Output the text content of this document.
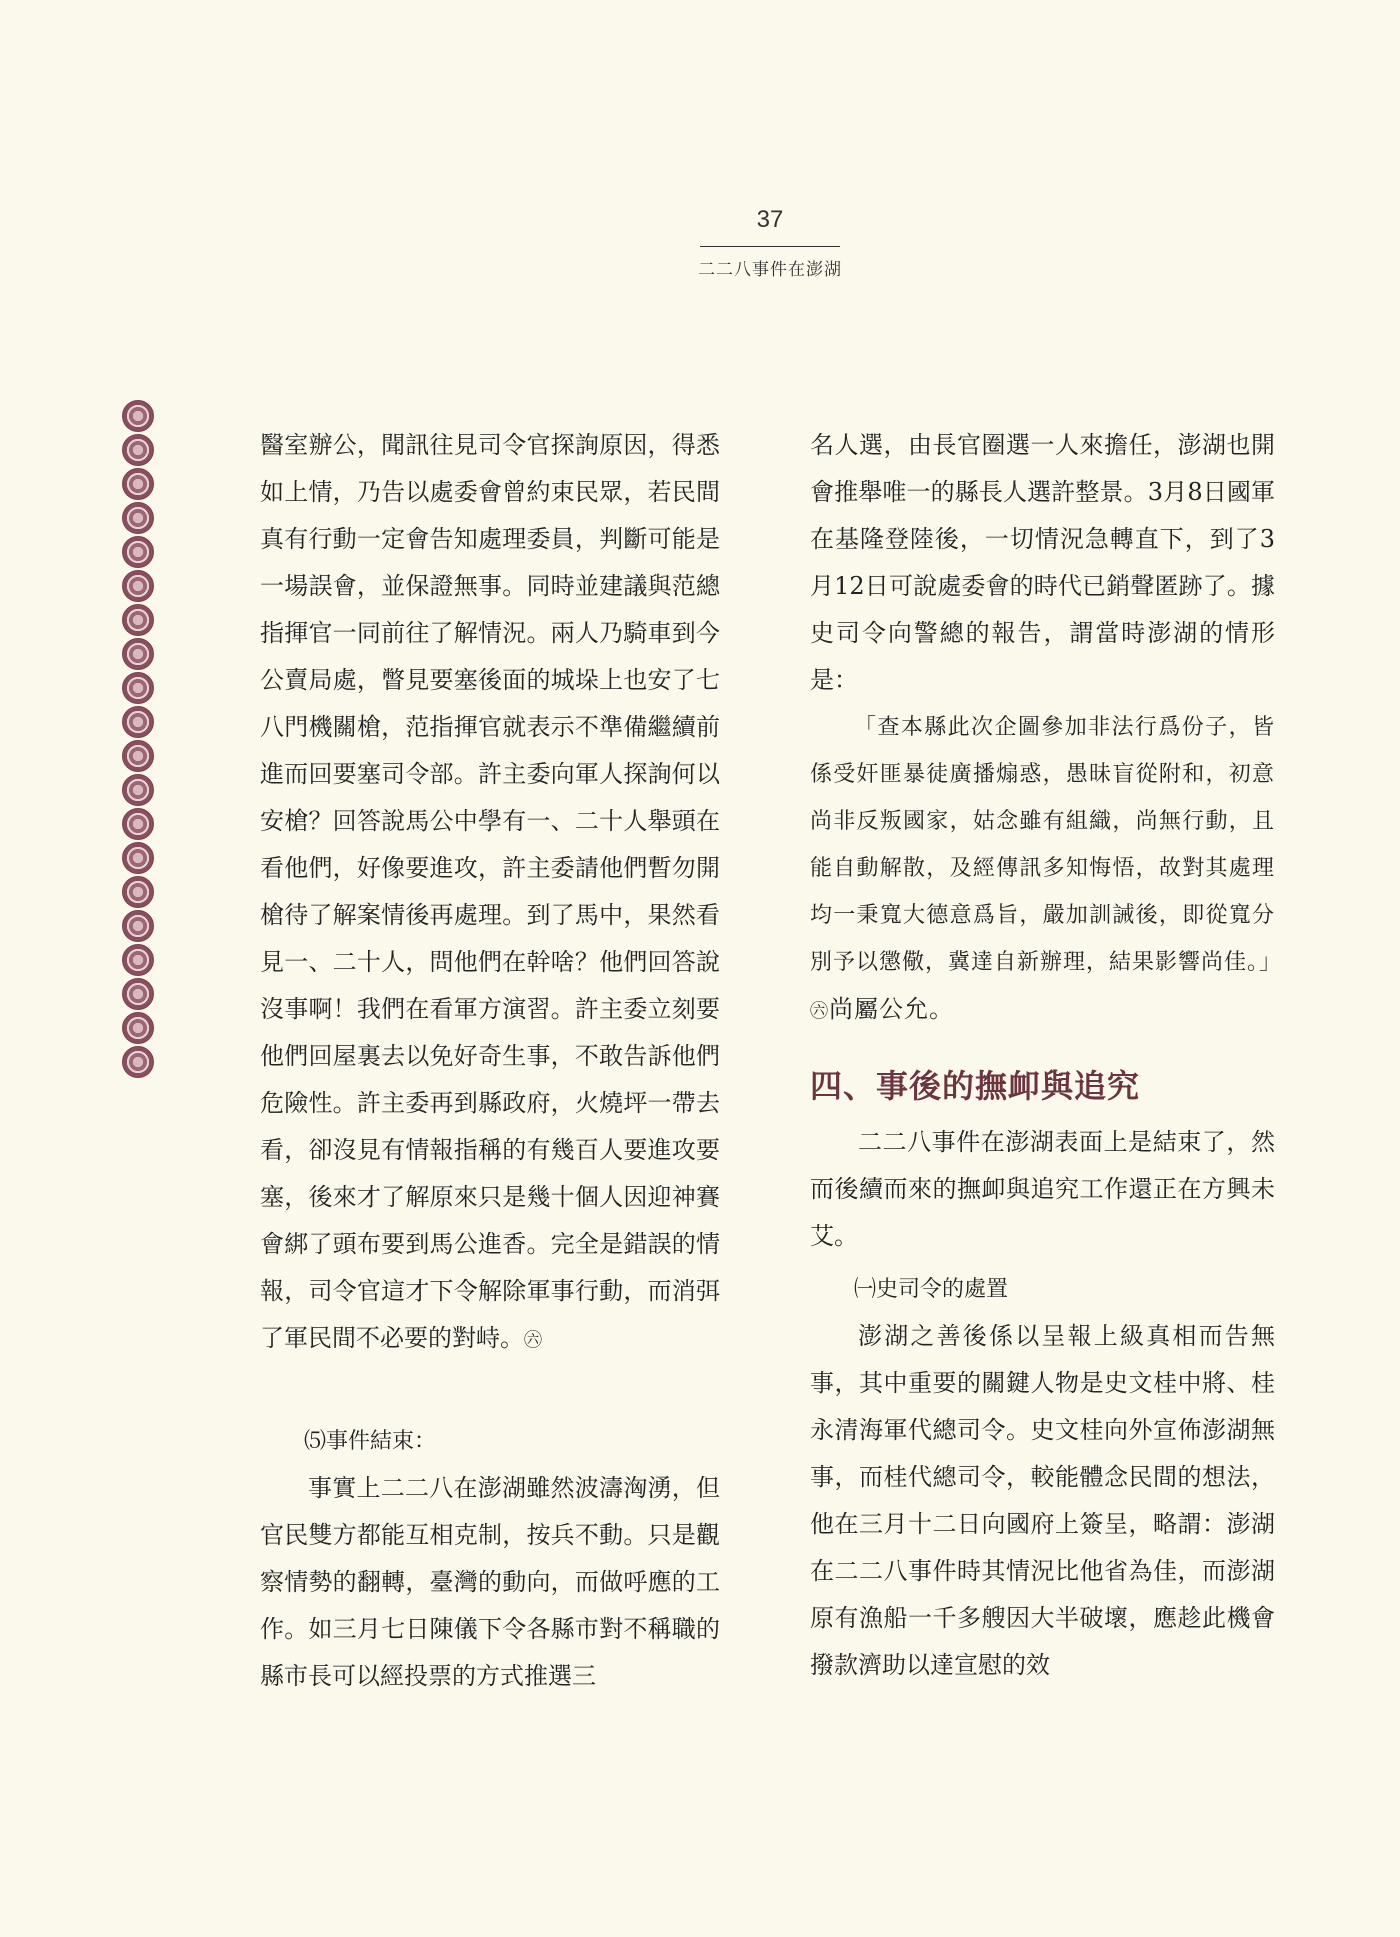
37
二二八事件在澎湖

醫室辦公，聞訊往見司令官探詢原因，得悉如上情，乃告以處委會曾約束民眾，若民間真有行動一定會告知處理委員，判斷可能是一場誤會，並保證無事。同時並建議與范總指揮官一同前往了解情況。兩人乃騎車到今公賣局處，瞥見要塞後面的城垛上也安了七八門機關槍，范指揮官就表示不準備繼續前進而回要塞司令部。許主委向軍人探詢何以安槍？回答說馬公中學有一、二十人舉頭在看他們，好像要進攻，許主委請他們暫勿開槍待了解案情後再處理。到了馬中，果然看見一、二十人，問他們在幹啥？他們回答說沒事啊！我們在看軍方演習。許主委立刻要他們回屋裏去以免好奇生事，不敢告訴他們危險性。許主委再到縣政府，火燒坪一帶去看，卻沒見有情報指稱的有幾百人要進攻要塞，後來才了解原來只是幾十個人因迎神賽會綁了頭布要到馬公進香。完全是錯誤的情報，司令官這才下令解除軍事行動，而消弭了軍民間不必要的對峙。㊅

⑸事件結束：

事實上二二八在澎湖雖然波濤洶湧，但官民雙方都能互相克制，按兵不動。只是觀察情勢的翻轉，臺灣的動向，而做呼應的工作。如三月七日陳儀下令各縣市對不稱職的縣市長可以經投票的方式推選三

名人選，由長官圈選一人來擔任，澎湖也開會推舉唯一的縣長人選許整景。3月8日國軍在基隆登陸後，一切情況急轉直下，到了3月12日可說處委會的時代已銷聲匿跡了。據史司令向警總的報告，謂當時澎湖的情形是：

「查本縣此次企圖參加非法行爲份子，皆係受奸匪暴徒廣播煽惑，愚昧盲從附和，初意尚非反叛國家，姑念雖有組織，尚無行動，且能自動解散，及經傳訊多知悔悟，故對其處理均一秉寬大德意爲旨，嚴加訓誡後，即從寬分別予以懲儆，冀達自新辦理，結果影響尚佳。」㊅尚屬公允。

四、事後的撫卹與追究

二二八事件在澎湖表面上是結束了，然而後續而來的撫卹與追究工作還正在方興未艾。

㈠史司令的處置

澎湖之善後係以呈報上級真相而告無事，其中重要的關鍵人物是史文桂中將、桂永清海軍代總司令。史文桂向外宣佈澎湖無事，而桂代總司令，較能體念民間的想法，他在三月十二日向國府上簽呈，略謂：澎湖在二二八事件時其情況比他省為佳，而澎湖原有漁船一千多艘因大半破壞，應趁此機會撥款濟助以達宣慰的效
